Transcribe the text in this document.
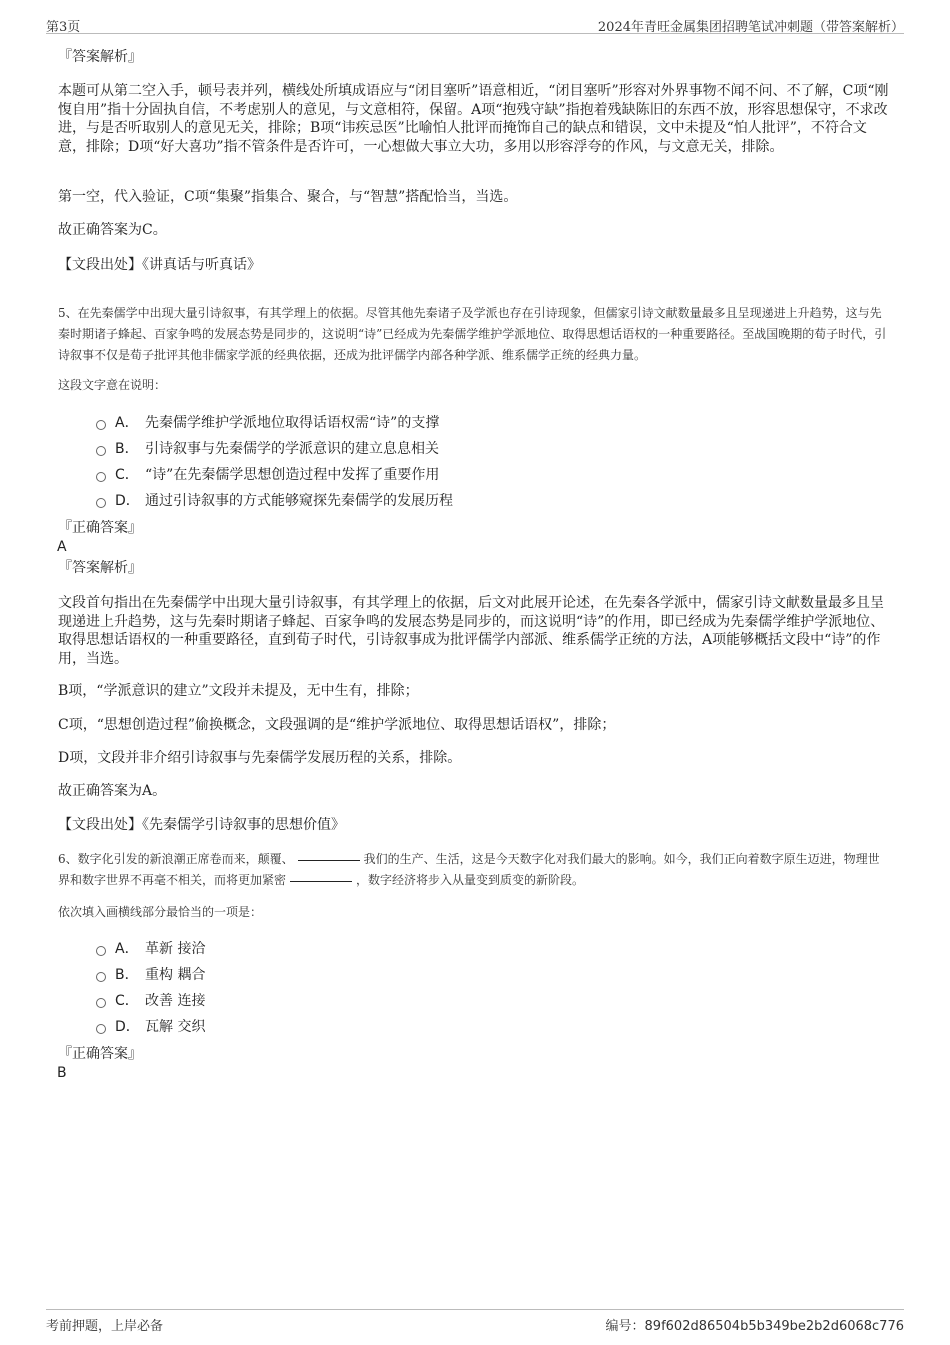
第3页	2024年青旺金属集团招聘笔试冲刺题（带答案解析）
『答案解析』

本题可从第二空入手，顿号表并列，横线处所填成语应与“闭目塞听”语意相近，“闭目塞听”形容对外界事物不闻不问、不了解，C项“刚愎自用”指十分固执自信，不考虑别人的意见，与文意相符，保留。A项“抱残守缺”指抱着残缺陈旧的东西不放，形容思想保守，不求改进，与是否听取别人的意见无关，排除；B项“讳疾忌医”比喻怕人批评而掩饰自己的缺点和错误，文中未提及“怕人批评”，不符合文意，排除；D项“好大喜功”指不管条件是否许可，一心想做大事立大功，多用以形容浮夸的作风，与文意无关，排除。

第一空，代入验证，C项“集聚”指集合、聚合，与“智慧”搭配恰当，当选。

故正确答案为C。

【文段出处】《讲真话与听真话》

5、在先秦儒学中出现大量引诗叙事，有其学理上的依据。尽管其他先秦诸子及学派也存在引诗现象，但儒家引诗文献数量最多且呈现递进上升趋势，这与先秦时期诸子蜂起、百家争鸣的发展态势是同步的，这说明“诗”已经成为先秦儒学维护学派地位、取得思想话语权的一种重要路径。至战国晚期的荀子时代，引诗叙事不仅是荀子批评其他非儒家学派的经典依据，还成为批评儒学内部各种学派、维系儒学正统的经典力量。

这段文字意在说明：

A． 先秦儒学维护学派地位取得话语权需“诗”的支撑
B． 引诗叙事与先秦儒学的学派意识的建立息息相关
C． “诗”在先秦儒学思想创造过程中发挥了重要作用
D． 通过引诗叙事的方式能够窥探先秦儒学的发展历程
『正确答案』
A
『答案解析』

文段首句指出在先秦儒学中出现大量引诗叙事，有其学理上的依据，后文对此展开论述，在先秦各学派中，儒家引诗文献数量最多且呈现递进上升趋势，这与先秦时期诸子蜂起、百家争鸣的发展态势是同步的，而这说明“诗”的作用，即已经成为先秦儒学维护学派地位、取得思想话语权的一种重要路径，直到荀子时代，引诗叙事成为批评儒学内部派、维系儒学正统的方法，A项能够概括文段中“诗”的作用，当选。

B项，“学派意识的建立”文段并未提及，无中生有，排除；

C项，“思想创造过程”偷换概念，文段强调的是“维护学派地位、取得思想话语权”，排除；

D项，文段并非介绍引诗叙事与先秦儒学发展历程的关系，排除。

故正确答案为A。

【文段出处】《先秦儒学引诗叙事的思想价值》

6、数字化引发的新浪潮正席卷而来，颠覆、	我们的生产、生活，这是今天数字化对我们最大的影响。如今，我们正向着数字原生迈进，物理世界和数字世界不再毫不相关，而将更加紧密	，数字经济将步入从量变到质变的新阶段。

依次填入画横线部分最恰当的一项是：

A． 革新 接洽
B． 重构 耦合
C． 改善 连接
D． 瓦解 交织
『正确答案』
B
考前押题，上岸必备	编号：89f602d86504b5b349be2b2d6068c776
